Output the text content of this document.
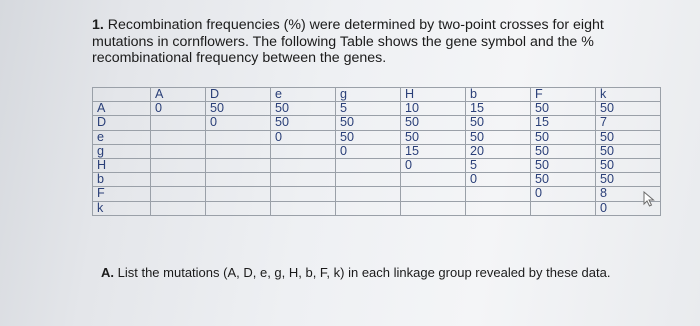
1. Recombination frequencies (%) were determined by two-point crosses for eight mutations in cornflowers. The following Table shows the gene symbol and the % recombinational frequency between the genes.
	A	D	e	g	H	b	F	k
A	0	50	50	5	10	15	50	50
D		0	50	50	50	50	15	7
e			0	50	50	50	50	50
g				0	15	20	50	50
H					0	5	50	50
b						0	50	50
F							0	8
k								0
A. List the mutations (A, D, e, g, H, b, F, k) in each linkage group revealed by these data.
